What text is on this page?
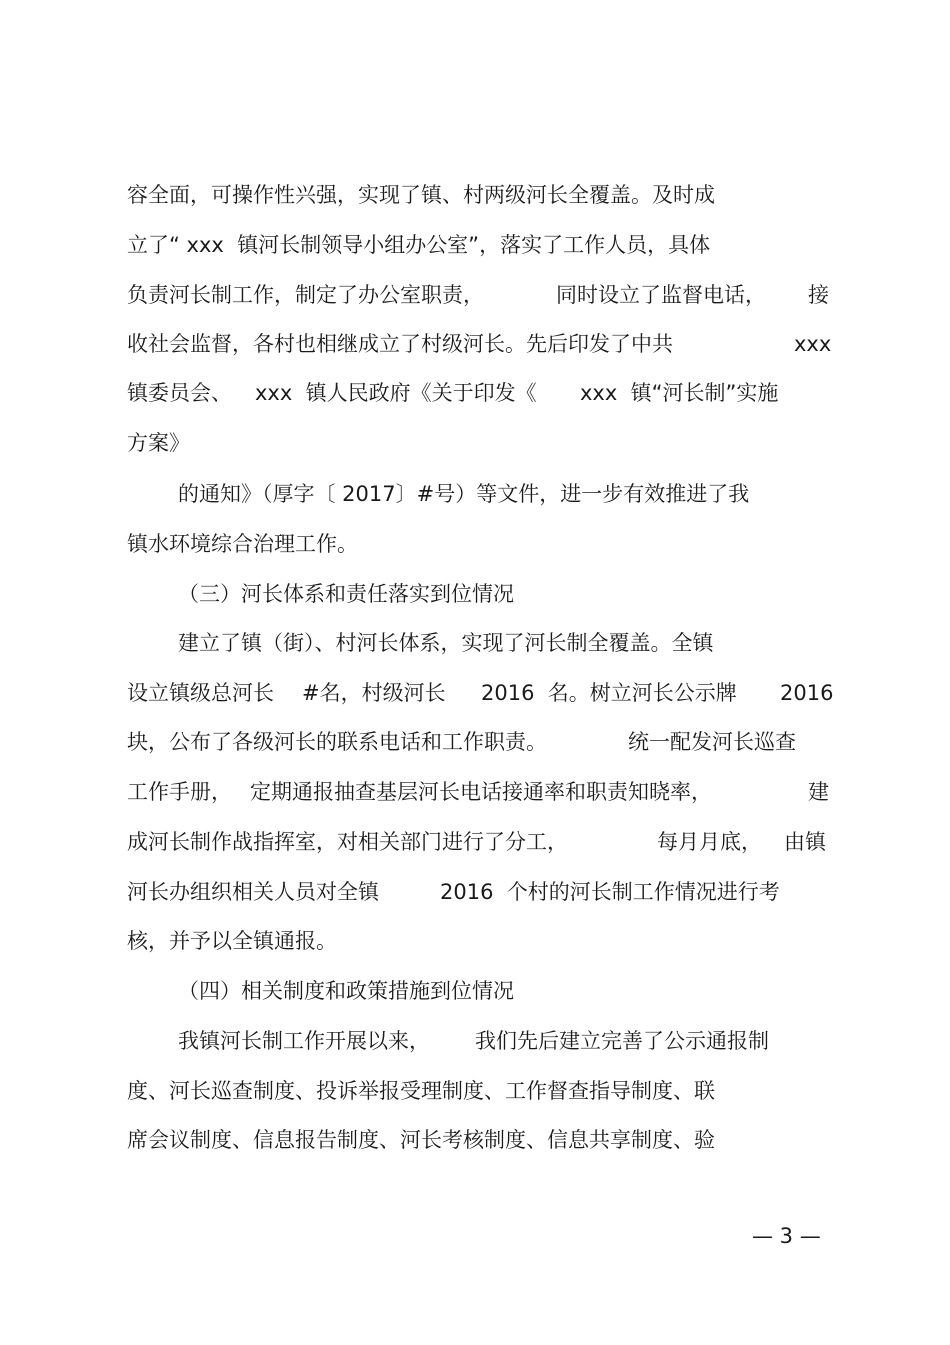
容全面，可操作性兴强，实现了镇、村两级河长全覆盖。及时成

立了“ xxx  镇河长制领导小组办公室”，落实了工作人员，具体

负责河长制工作，制定了办公室职责，

	同时设立了监督电话，

接

收社会监督，各村也相继成立了村级河长。先后印发了中共

	xxx

镇委员会、

xxx  镇人民政府《关于印发《

xxx  镇“河长制”实施

方案》

的通知》（厚字〔 2017〕#号）等文件，进一步有效推进了我

镇水环境综合治理工作。

（三）河长体系和责任落实到位情况

建立了镇（街）、村河长体系，实现了河长制全覆盖。全镇

设立镇级总河长

#名，村级河长

2016  名。树立河长公示牌

2016

块，公布了各级河长的联系电话和工作职责。

	统一配发河长巡查

工作手册，

定期通报抽查基层河长电话接通率和职责知晓率，

	建

成河长制作战指挥室，对相关部门进行了分工，

	每月月底，

由镇

河长办组织相关人员对全镇

	2016  个村的河长制工作情况进行考

核，并予以全镇通报。

（四）相关制度和政策措施到位情况

我镇河长制工作开展以来，

我们先后建立完善了公示通报制

度、河长巡查制度、投诉举报受理制度、工作督查指导制度、联

席会议制度、信息报告制度、河长考核制度、信息共享制度、验

— 3 —
